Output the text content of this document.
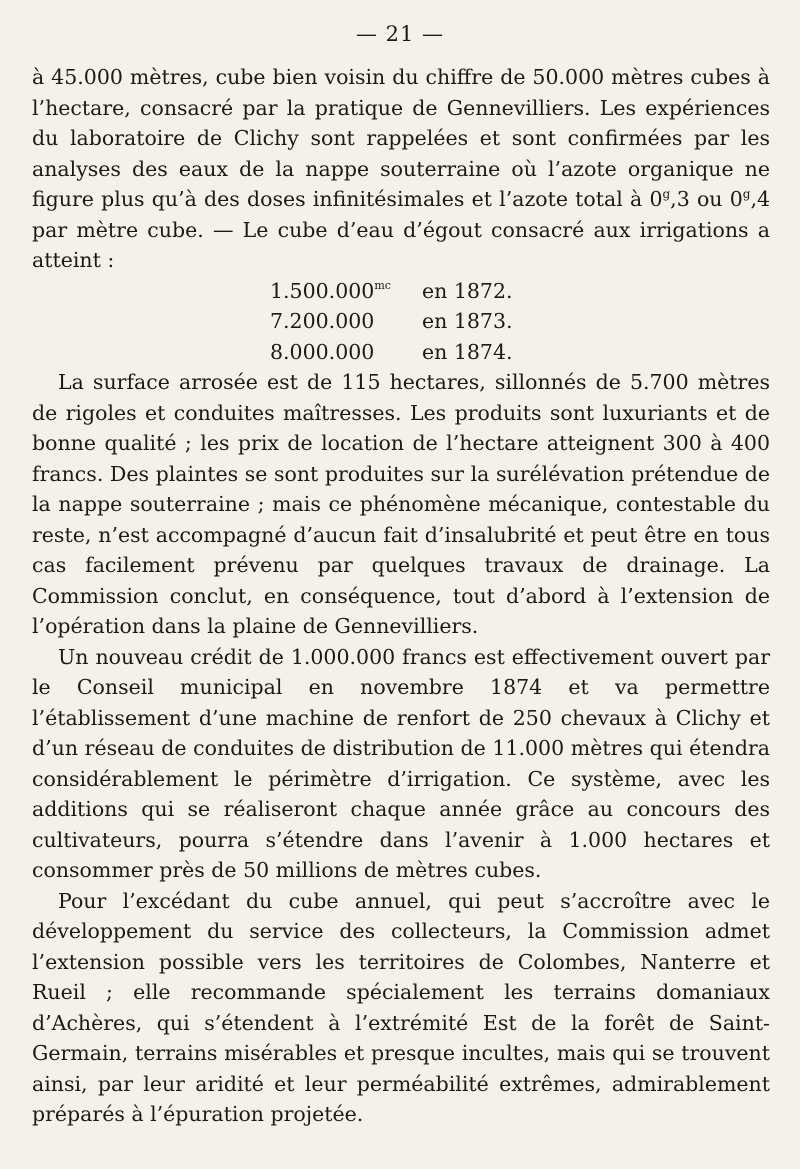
— 21 —

à 45.000 mètres, cube bien voisin du chiffre de 50.000 mètres cubes à l’hectare, consacré par la pratique de Gennevilliers. Les expériences du laboratoire de Clichy sont rappelées et sont confirmées par les analyses des eaux de la nappe souterraine où l’azote organique ne figure plus qu’à des doses infinitésimales et l’azote total à 0$^g$,3 ou 0$^g$,4 par mètre cube. — Le cube d’eau d’égout consacré aux irrigations a atteint :

$1.500.000^{mc}$	en 1872.
7.200.000	en 1873.
8.000.000	en 1874.

La surface arrosée est de 115 hectares, sillonnés de 5.700 mètres de rigoles et conduites maîtresses. Les produits sont luxuriants et de bonne qualité ; les prix de location de l’hectare atteignent 300 à 400 francs. Des plaintes se sont produites sur la surélévation prétendue de la nappe souterraine ; mais ce phénomène mécanique, contestable du reste, n’est accompagné d’aucun fait d’insalubrité et peut être en tous cas facilement prévenu par quelques travaux de drainage. La Commission conclut, en conséquence, tout d’abord à l’extension de l’opération dans la plaine de Gennevilliers.

Un nouveau crédit de 1.000.000 francs est effectivement ouvert par le Conseil municipal en novembre 1874 et va permettre l’établissement d’une machine de renfort de 250 chevaux à Clichy et d’un réseau de conduites de distribution de 11.000 mètres qui étendra considérablement le périmètre d’irrigation. Ce système, avec les additions qui se réaliseront chaque année grâce au concours des cultivateurs, pourra s’étendre dans l’avenir à 1.000 hectares et consommer près de 50 millions de mètres cubes.

Pour l’excédant du cube annuel, qui peut s’accroître avec le développement du service des collecteurs, la Commission admet l’extension possible vers les territoires de Colombes, Nanterre et Rueil ; elle recommande spécialement les terrains domaniaux d’Achères, qui s’étendent à l’extrémité Est de la forêt de Saint-Germain, terrains misérables et presque incultes, mais qui se trouvent ainsi, par leur aridité et leur perméabilité extrêmes, admirablement préparés à l’épuration projetée.
